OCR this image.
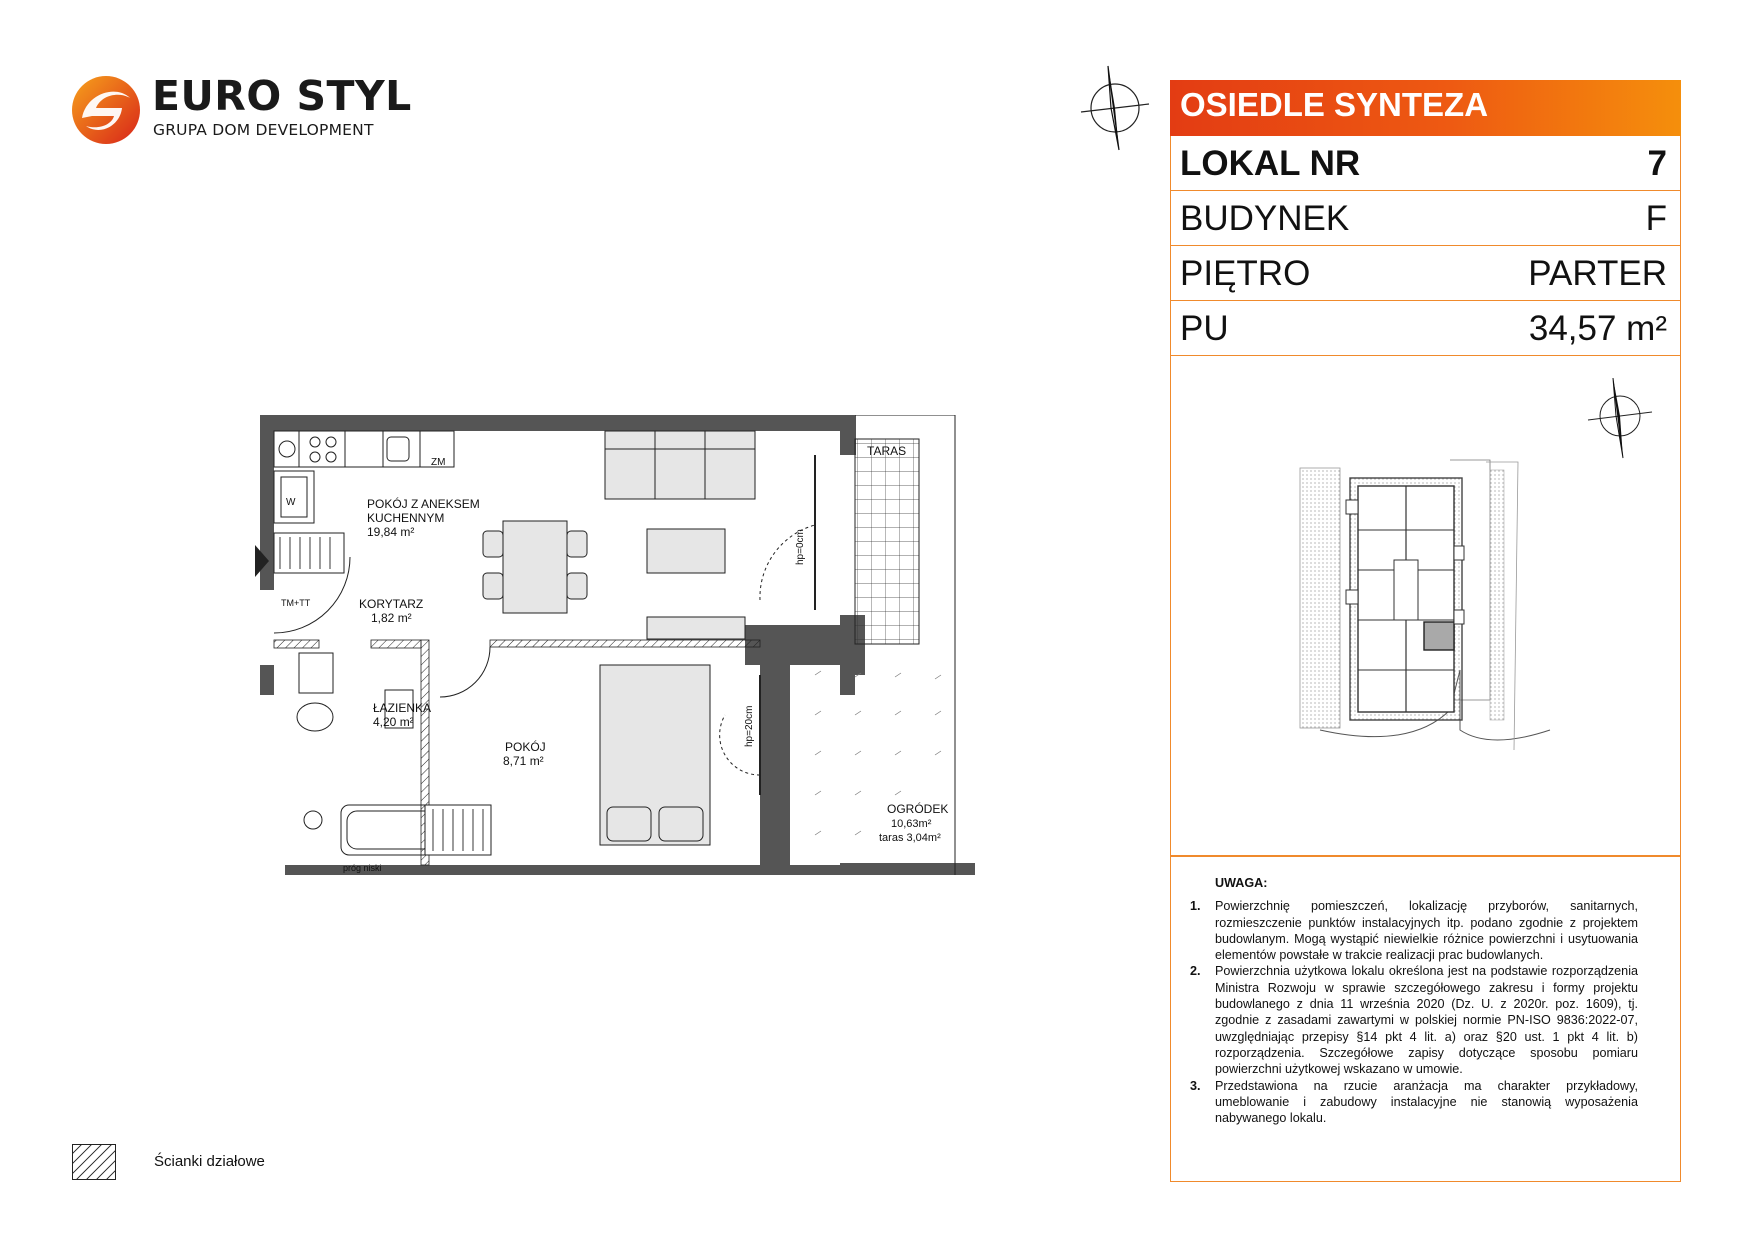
EURO STYL
GRUPA DOM DEVELOPMENT
OSIEDLE SYNTEZA
LOKAL NR	7
BUDYNEK	F
PIĘTRO	PARTER
PU	34,57 m²
UWAGA:
1. Powierzchnię pomieszczeń, lokalizację przyborów, sanitarnych, rozmieszczenie punktów instalacyjnych itp. podano zgodnie z projektem budowlanym. Mogą wystąpić niewielkie różnice powierzchni i usytuowania elementów powstałe w trakcie realizacji prac budowlanych.
2. Powierzchnia użytkowa lokalu określona jest na podstawie rozporządzenia Ministra Rozwoju w sprawie szczegółowego zakresu i formy projektu budowlanego z dnia 11 września 2020 (Dz. U. z 2020r. poz. 1609), tj. zgodnie z zasadami zawartymi w polskiej normie PN-ISO 9836:2022-07, uwzględniając przepisy §14 pkt 4 lit. a) oraz §20 ust. 1 pkt 4 lit. b) rozporządzenia. Szczegółowe zapisy dotyczące sposobu pomiaru powierzchni użytkowej wskazano w umowie.
3. Przedstawiona na rzucie aranżacja ma charakter przykładowy, umeblowanie i zabudowy instalacyjne nie stanowią wyposażenia nabywanego lokalu.
Ścianki działowe
W
ZM
hp=0cm
TM+TT
próg niski
hp=20cm
POKÓJ Z ANEKSEM
KUCHENNYM
19,84 m²
KORYTARZ
1,82 m²
ŁAZIENKA
4,20 m²
POKÓJ
8,71 m²
TARAS
OGRÓDEK
10,63m²
taras 3,04m²
